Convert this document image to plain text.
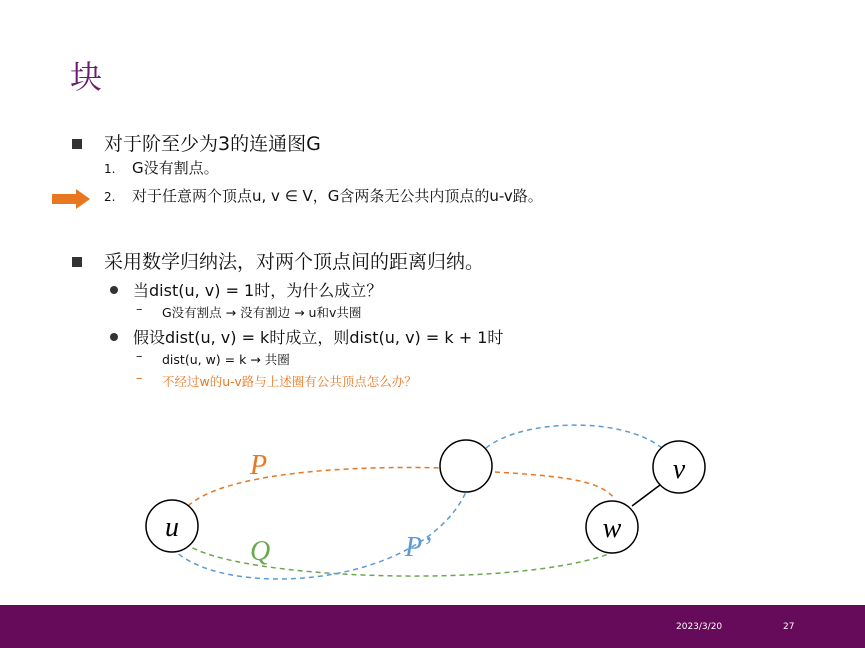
块
对于阶至少为3的连通图G
1. G没有割点。
2. 对于任意两个顶点u, v ∈ V，G含两条无公共内顶点的u-v路。
采用数学归纳法，对两个顶点间的距离归纳。
当dist(u, v) = 1时，为什么成立？
– G没有割点 → 没有割边 → u和v共圈
假设dist(u, v) = k时成立，则dist(u, v) = k + 1时
– dist(u, w) = k → 共圈
– 不经过w的u-v路与上述圈有公共顶点怎么办？
u
v
w
P
Q	P’
2023/3/20	27
